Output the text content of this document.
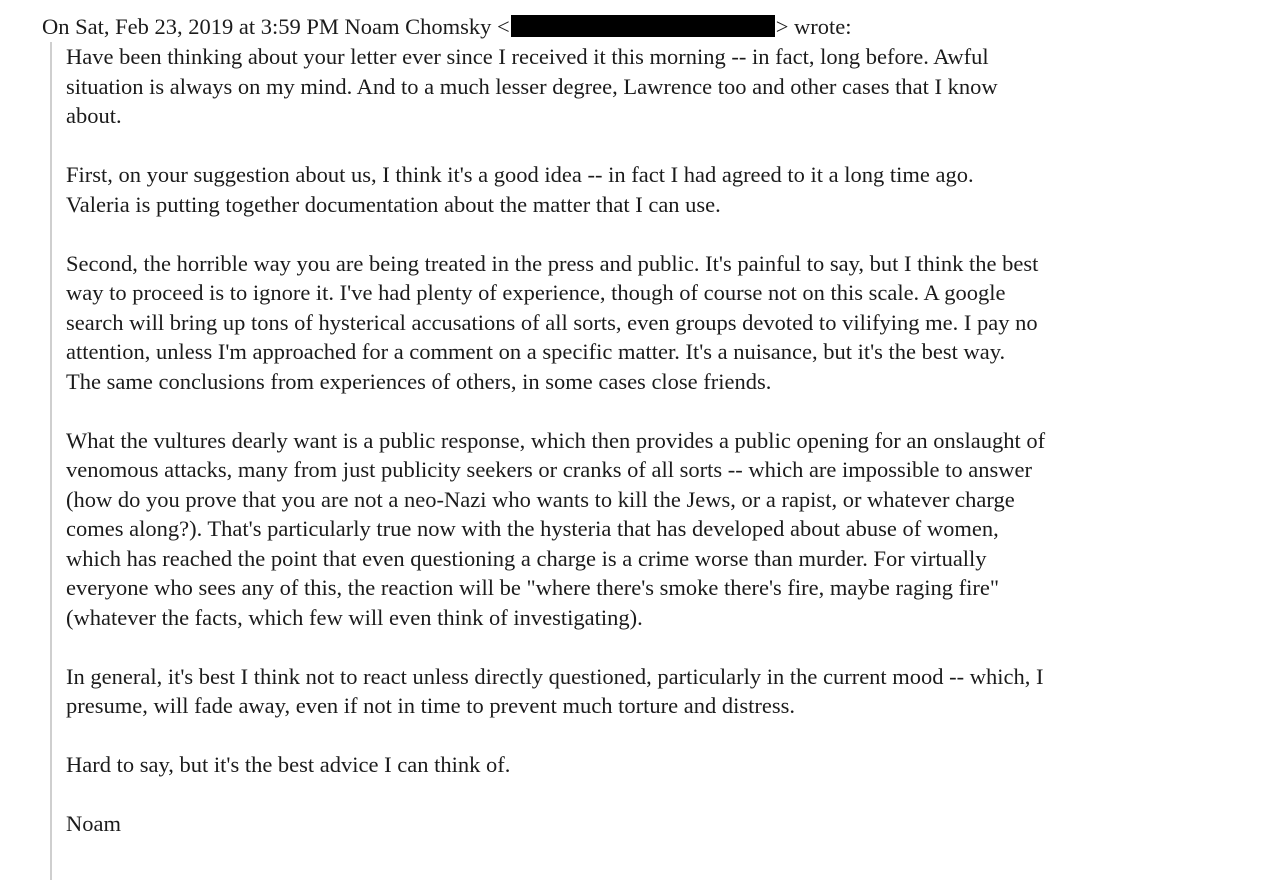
On Sat, Feb 23, 2019 at 3:59 PM Noam Chomsky <	> wrote:

Have been thinking about your letter ever since I received it this morning -- in fact, long before. Awful
situation is always on my mind. And to a much lesser degree, Lawrence too and other cases that I know
about.

First, on your suggestion about us, I think it's a good idea -- in fact I had agreed to it a long time ago.
Valeria is putting together documentation about the matter that I can use.

Second, the horrible way you are being treated in the press and public. It's painful to say, but I think the best
way to proceed is to ignore it. I've had plenty of experience, though of course not on this scale. A google
search will bring up tons of hysterical accusations of all sorts, even groups devoted to vilifying me. I pay no
attention, unless I'm approached for a comment on a specific matter. It's a nuisance, but it's the best way.
The same conclusions from experiences of others, in some cases close friends.

What the vultures dearly want is a public response, which then provides a public opening for an onslaught of
venomous attacks, many from just publicity seekers or cranks of all sorts -- which are impossible to answer
(how do you prove that you are not a neo-Nazi who wants to kill the Jews, or a rapist, or whatever charge
comes along?). That's particularly true now with the hysteria that has developed about abuse of women,
which has reached the point that even questioning a charge is a crime worse than murder. For virtually
everyone who sees any of this, the reaction will be "where there's smoke there's fire, maybe raging fire"
(whatever the facts, which few will even think of investigating).

In general, it's best I think not to react unless directly questioned, particularly in the current mood -- which, I
presume, will fade away, even if not in time to prevent much torture and distress.

Hard to say, but it's the best advice I can think of.

Noam
